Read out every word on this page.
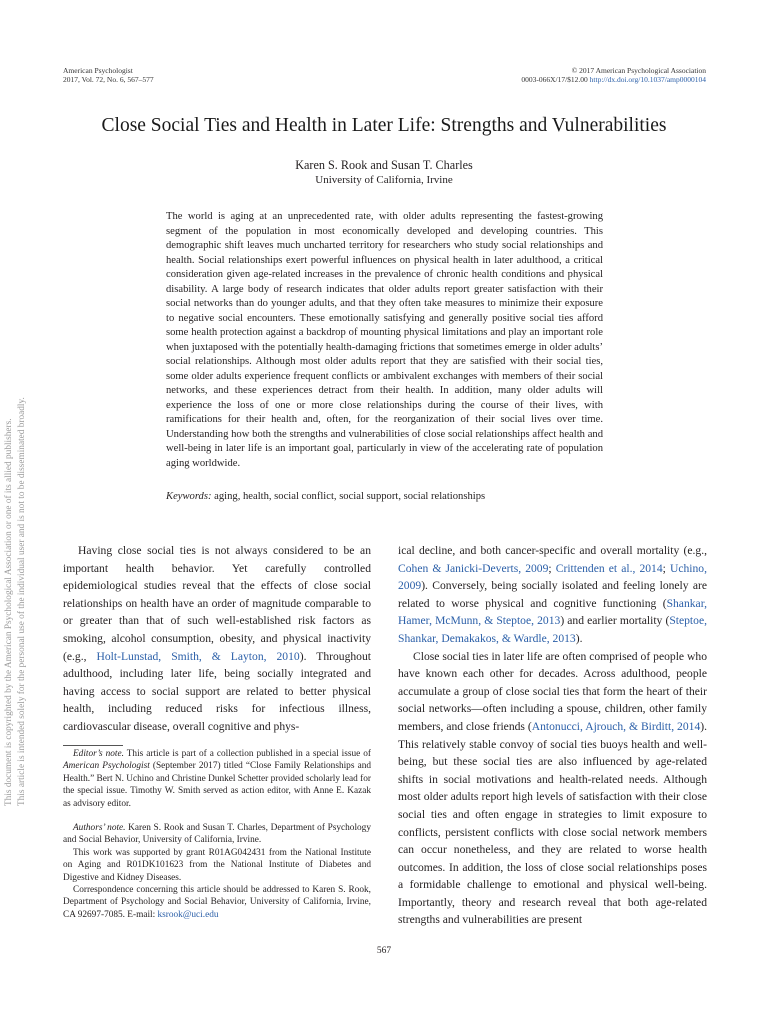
American Psychologist
2017, Vol. 72, No. 6, 567–577
© 2017 American Psychological Association
0003-066X/17/$12.00 http://dx.doi.org/10.1037/amp0000104
This document is copyrighted by the American Psychological Association or one of its allied publishers. This article is intended solely for the personal use of the individual user and is not to be disseminated broadly.
Close Social Ties and Health in Later Life: Strengths and Vulnerabilities
Karen S. Rook and Susan T. Charles
University of California, Irvine
The world is aging at an unprecedented rate, with older adults representing the fastest-growing segment of the population in most economically developed and developing countries. This demographic shift leaves much uncharted territory for researchers who study social relationships and health. Social relationships exert powerful influences on physical health in later adulthood, a critical consideration given age-related increases in the prevalence of chronic health conditions and physical disability. A large body of research indicates that older adults report greater satisfaction with their social networks than do younger adults, and that they often take measures to minimize their exposure to negative social encounters. These emotionally satisfying and generally positive social ties afford some health protection against a backdrop of mounting physical limitations and play an important role when juxtaposed with the potentially health-damaging frictions that sometimes emerge in older adults’ social relationships. Although most older adults report that they are satisfied with their social ties, some older adults experience frequent conflicts or ambivalent exchanges with members of their social networks, and these experiences detract from their health. In addition, many older adults will experience the loss of one or more close relationships during the course of their lives, with ramifications for their health and, often, for the reorganization of their social lives over time. Understanding how both the strengths and vulnerabilities of close social relationships affect health and well-being in later life is an important goal, particularly in view of the accelerating rate of population aging worldwide.
Keywords: aging, health, social conflict, social support, social relationships

Having close social ties is not always considered to be an important health behavior. Yet carefully controlled epidemiological studies reveal that the effects of close social relationships on health have an order of magnitude comparable to or greater than that of such well-established risk factors as smoking, alcohol consumption, obesity, and physical inactivity (e.g., Holt-Lunstad, Smith, & Layton, 2010). Throughout adulthood, including later life, being socially integrated and having access to social support are related to better physical health, including reduced risks for infectious illness, cardiovascular disease, overall cognitive and phys-

Editor’s note. This article is part of a collection published in a special issue of American Psychologist (September 2017) titled “Close Family Relationships and Health.” Bert N. Uchino and Christine Dunkel Schetter provided scholarly lead for the special issue. Timothy W. Smith served as action editor, with Anne E. Kazak as advisory editor.

Authors’ note. Karen S. Rook and Susan T. Charles, Department of Psychology and Social Behavior, University of California, Irvine.

This work was supported by grant R01AG042431 from the National Institute on Aging and R01DK101623 from the National Institute of Diabetes and Digestive and Kidney Diseases.

Correspondence concerning this article should be addressed to Karen S. Rook, Department of Psychology and Social Behavior, University of California, Irvine, CA 92697-7085. E-mail: ksrook@uci.edu

ical decline, and both cancer-specific and overall mortality (e.g., Cohen & Janicki-Deverts, 2009; Crittenden et al., 2014; Uchino, 2009). Conversely, being socially isolated and feeling lonely are related to worse physical and cognitive functioning (Shankar, Hamer, McMunn, & Steptoe, 2013) and earlier mortality (Steptoe, Shankar, Demakakos, & Wardle, 2013).

Close social ties in later life are often comprised of people who have known each other for decades. Across adulthood, people accumulate a group of close social ties that form the heart of their social networks—often including a spouse, children, other family members, and close friends (Antonucci, Ajrouch, & Birditt, 2014). This relatively stable convoy of social ties buoys health and well-being, but these social ties are also influenced by age-related shifts in social motivations and health-related needs. Although most older adults report high levels of satisfaction with their close social ties and often engage in strategies to limit exposure to conflicts, persistent conflicts with close social network members can occur nonetheless, and they are related to worse health outcomes. In addition, the loss of close social relationships poses a formidable challenge to emotional and physical well-being. Importantly, theory and research reveal that both age-related strengths and vulnerabilities are present

567
